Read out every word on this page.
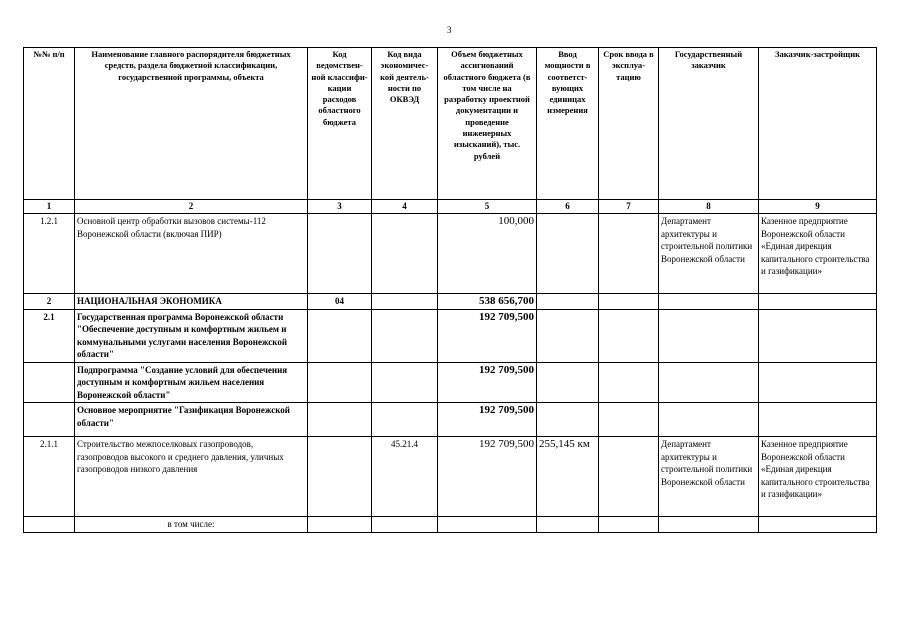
3
№№ п/п	Наименование главного распорядителя бюджетных средств, раздела бюджетной классификации, государственной программы, объекта	Код ведомствен-ной классифи-кации расходов областного бюджета	Код вида экономичес-кой деятель-ности по ОКВЭД	Объем бюджетных ассигнований областного бюджета (в том числе на разработку проектной документации и проведение инженерных изысканий), тыс. рублей	Ввод мощности в соответст-вующих единицах измерения	Срок ввода в эксплуа-тацию	Государственный заказчик	Заказчик-застройщик
1	2	3	4	5	6	7	8	9
1.2.1	Основной центр обработки вызовов системы-112 Воронежской области (включая ПИР)			100,000			Департамент архитектуры и строительной политики Воронежской области	Казенное предприятие Воронежской области «Единая дирекция капитального строительства и газификации»
2	НАЦИОНАЛЬНАЯ ЭКОНОМИКА	04		538 656,700				
2.1	Государственная программа Воронежской области "Обеспечение доступным и комфортным жильем и коммунальными услугами населения Воронежской области"			192 709,500				
	Подпрограмма "Создание условий для обеспечения доступным и комфортным жильем населения Воронежской области"			192 709,500				
	Основное мероприятие "Газификация Воронежской области"			192 709,500				
2.1.1	Строительство межпоселковых газопроводов, газопроводов высокого и среднего давления, уличных газопроводов низкого давления		45.21.4	192 709,500	255,145 км		Департамент архитектуры и строительной политики Воронежской области	Казенное предприятие Воронежской области «Единая дирекция капитального строительства и газификации»
	в том числе:							
